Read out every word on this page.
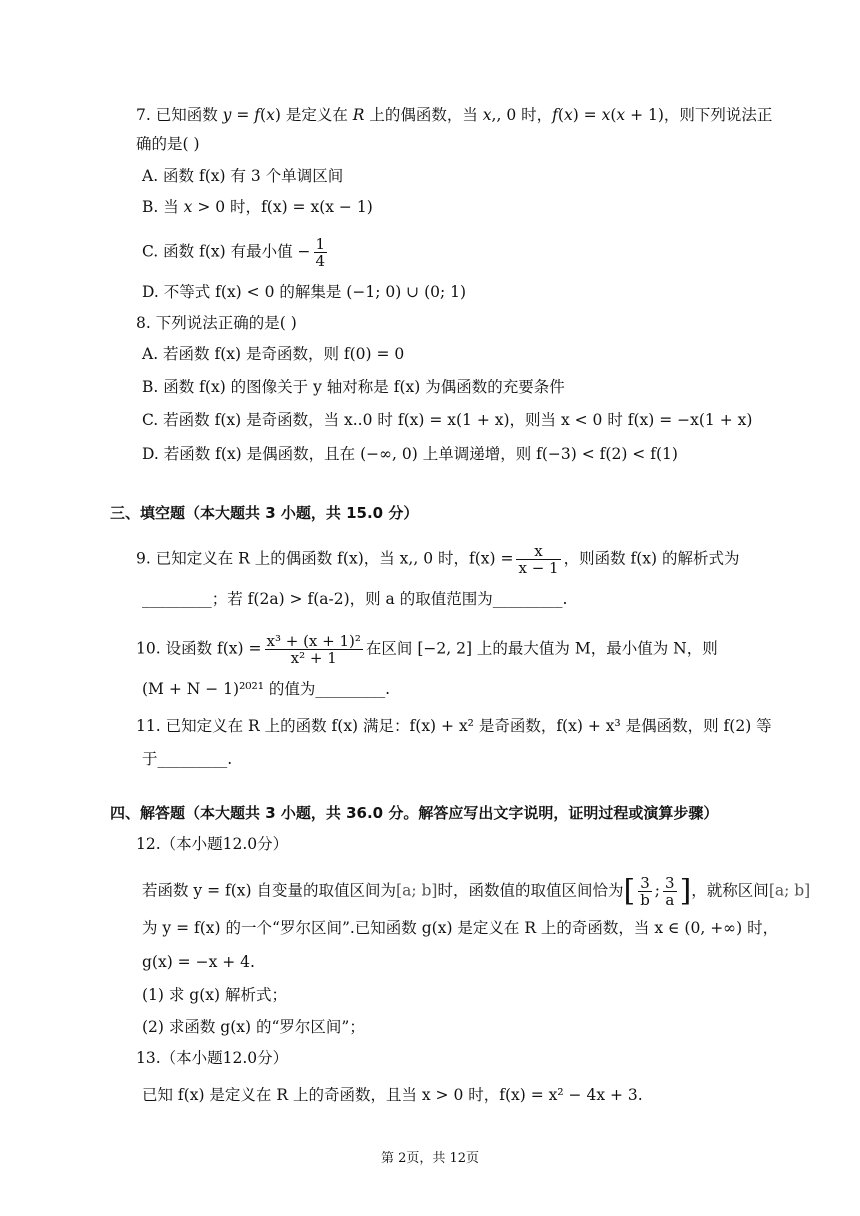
7. 已知函数 y = f(x) 是定义在 R 上的偶函数，当 x,, 0 时，f(x) = x(x + 1)，则下列说法正
确的是( )
A. 函数 f(x) 有 3 个单调区间
B. 当 x > 0 时，f(x) = x(x − 1)
C. 函数 f(x) 有最小值 − $\frac{1}{4}$
D. 不等式 f(x) < 0 的解集是 (−1; 0) ∪ (0; 1)
8. 下列说法正确的是( )
A. 若函数 f(x) 是奇函数，则 f(0) = 0
B. 函数 f(x) 的图像关于 y 轴对称是 f(x) 为偶函数的充要条件
C. 若函数 f(x) 是奇函数，当 x..0 时 f(x) = x(1 + x)，则当 x < 0 时 f(x) = −x(1 + x)
D. 若函数 f(x) 是偶函数，且在 (−∞, 0) 上单调递增，则 f(−3) < f(2) < f(1)
三、填空题（本大题共 3 小题，共 15.0 分）
9. 已知定义在 R 上的偶函数 f(x)，当 x,, 0 时，$f(x) = \frac{x}{x - 1}$ ，则函数 f(x) 的解析式为
_________；若 f(2a) > f(a-2)，则 a 的取值范围为_________.
10. 设函数 $f(x) = \frac{\text{x³ + (x + 1)²}}{\text{x² + 1}}$ 在区间 [−2, 2] 上的最大值为 M，最小值为 N，则
(M + N − 1)²⁰²¹ 的值为_________.
11. 已知定义在 R 上的函数 f(x) 满足：f(x) + x² 是奇函数，f(x) + x³ 是偶函数，则 f(2) 等
于_________.
四、解答题（本大题共 3 小题，共 36.0 分。解答应写出文字说明，证明过程或演算步骤）
12.（本小题12.0分）
若函数 y = f(x) 自变量的取值区间为[a; b]时，函数值的取值区间恰为[ $\frac{3}{b}$ ; $\frac{3}{a}$ ]，就称区间[a; b]
为 y = f(x) 的一个“罗尔区间”.已知函数 g(x) 是定义在 R 上的奇函数，当 x ∈ (0, +∞) 时，
g(x) = −x + 4.
(1) 求 g(x) 解析式；
(2) 求函数 g(x) 的“罗尔区间”；
13.（本小题12.0分）
已知 f(x) 是定义在 R 上的奇函数，且当 x > 0 时，f(x) = x² − 4x + 3.
第 2页，共 12页
